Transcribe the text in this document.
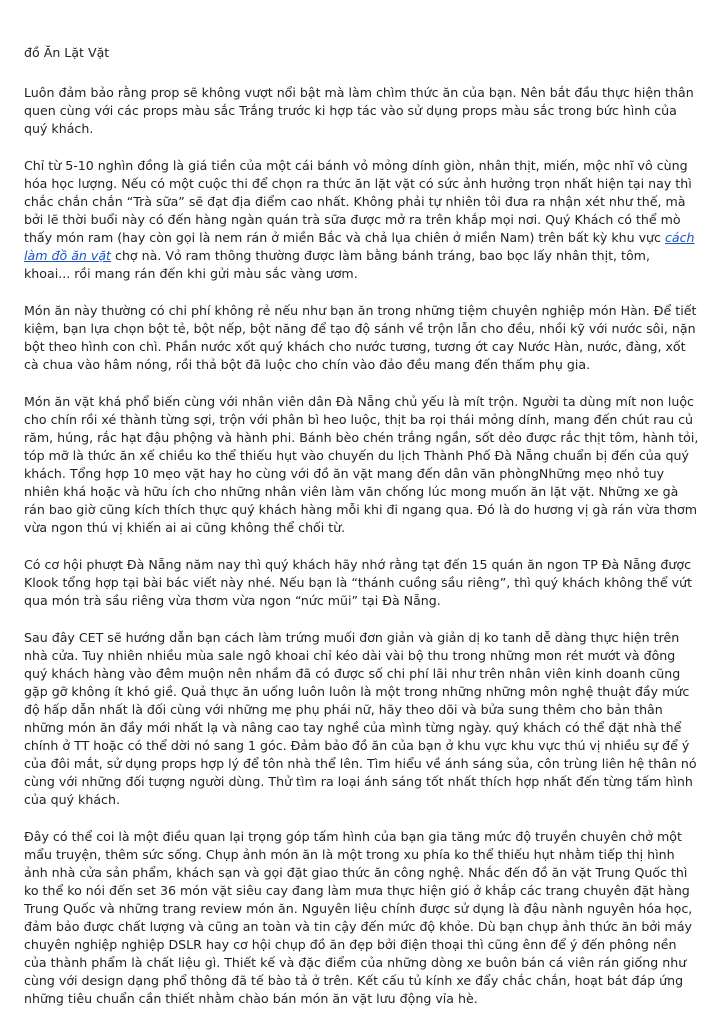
đồ Ăn Lặt Vặt

Luôn đảm bảo rằng prop sẽ không vượt nổi bật mà làm chìm thức ăn của bạn. Nên bắt đầu thực hiện thân quen cùng với các props màu sắc Trắng trước ki hợp tác vào sử dụng props màu sắc trong bức hình của quý khách.

Chỉ từ 5-10 nghìn đồng là giá tiền của một cái bánh vỏ mỏng dính giòn, nhân thịt, miến, mộc nhĩ vô cùng hóa học lượng. Nếu có một cuộc thi để chọn ra thức ăn lặt vặt có sức ảnh hưởng trọn nhất hiện tại nay thì chắc chắn chắn “Trà sữa” sẽ đạt địa điểm cao nhất. Không phải tự nhiên tôi đưa ra nhận xét như thế, mà bởi lẽ thời buổi này có đến hàng ngàn quán trà sữa được mở ra trên khắp mọi nơi. Quý Khách có thể mò thấy món ram (hay còn gọi là nem rán ở miền Bắc và chả lụa chiên ở miền Nam) trên bất kỳ khu vực cách làm đồ ăn vặt chợ nà. Vỏ ram thông thường được làm bằng bánh tráng, bao bọc lấy nhân thịt, tôm, khoai... rồi mang rán đến khi gửi màu sắc vàng ươm.

Món ăn này thường có chi phí không rẻ nếu như bạn ăn trong những tiệm chuyên nghiệp món Hàn. Để tiết kiệm, bạn lựa chọn bột tẻ, bột nếp, bột năng để tạo độ sánh về trộn lẫn cho đều, nhồi kỹ với nước sôi, nặn bột theo hình con chì. Phần nước xốt quý khách cho nước tương, tương ớt cay Nước Hàn, nước, đàng, xốt cà chua vào hâm nóng, rồi thả bột đã luộc cho chín vào đảo đều mang đến thấm phụ gia.

Món ăn vặt khá phổ biến cùng với nhân viên dân Đà Nẵng chủ yếu là mít trộn. Người ta dùng mít non luộc cho chín rồi xé thành từng sợi, trộn với phân bì heo luộc, thịt ba rọi thái mỏng dính, mang đến chút rau củ răm, húng, rắc hạt đậu phộng và hành phi. Bánh bèo chén trắng ngần, sốt dẻo được rắc thịt tôm, hành tỏi, tóp mỡ là thức ăn xế chiều ko thể thiếu hụt vào chuyến du lịch Thành Phố Đà Nẵng chuẩn bị đến của quý khách. Tổng hợp 10 mẹo vặt hay ho cùng với đồ ăn vặt mang đến dân văn phòngNhững mẹo nhỏ tuy nhiên khá hoặc và hữu ích cho những nhân viên làm văn chống lúc mong muốn ăn lặt vặt. Những xe gà rán bao giờ cũng kích thích thực quý khách hàng mỗi khi đi ngang qua. Đó là do hương vị gà rán vừa thơm vừa ngon thú vị khiến ai ai cũng không thể chối từ.

Có cơ hội phượt Đà Nẵng năm nay thì quý khách hãy nhớ rằng tạt đến 15 quán ăn ngon TP Đà Nẵng được Klook tổng hợp tại bài bác viết này nhé. Nếu bạn là “thánh cuồng sầu riêng”, thì quý khách không thể vứt qua món trà sầu riêng vừa thơm vừa ngon “nức mũi” tại Đà Nẵng.

Sau đây CET sẽ hướng dẫn bạn cách làm trứng muối đơn giản và giản dị ko tanh dễ dàng thực hiện trên nhà cửa. Tuy nhiên nhiều mùa sale ngô khoai chỉ kéo dài vài bộ thu trong những mon rét mướt và đông quý khách hàng vào đêm muộn nên nhầm đã có được số chi phí lãi như trên nhân viên kinh doanh cũng gặp gỡ không ít khó giề. Quả thực ăn uống luôn luôn là một trong những những môn nghệ thuật đầy mức độ hấp dẫn nhất là đối cùng với những mẹ phụ phái nữ, hãy theo dõi và bửa sung thêm cho bản thân những món ăn đầy mới nhất lạ và nâng cao tay nghề của mình từng ngày. quý khách có thể đặt nhà thể chính ở TT hoặc có thể dời nó sang 1 góc. Đảm bảo đồ ăn của bạn ở khu vực khu vực thú vị nhiều sự để ý của đôi mắt, sử dụng props hợp lý để tôn nhà thể lên. Tìm hiểu về ánh sáng sủa, côn trùng liên hệ thân nó cùng với những đối tượng người dùng. Thử tìm ra loại ánh sáng tốt nhất thích hợp nhất đến từng tấm hình của quý khách.

Đây có thể coi là một điều quan lại trọng góp tấm hình của bạn gia tăng mức độ truyền chuyên chở một mẩu truyện, thêm sức sống. Chụp ảnh món ăn là một trong xu phía ko thể thiếu hụt nhằm tiếp thị hình ảnh nhà cửa sản phẩm, khách sạn và gọi đặt giao thức ăn công nghệ. Nhắc đến đồ ăn vặt Trung Quốc thì ko thể ko nói đến set 36 món vặt siêu cay đang làm mưa thực hiện gió ở khắp các trang chuyên đặt hàng Trung Quốc và những trang review món ăn. Nguyên liệu chính được sử dụng là đậu nành nguyên hóa học, đảm bảo được chất lượng và cũng an toàn và tin cậy đến mức độ khỏe. Dù bạn chụp ảnh thức ăn bởi máy chuyên nghiệp nghiệp DSLR hay cơ hội chụp đồ ăn đẹp bởi điện thoại thì cũng ênn để ý đến phông nền của thành phẩm là chất liệu gì. Thiết kế và đặc điểm của những dòng xe buôn bán cá viên rán giống như cùng với design dạng phổ thông đã tế bào tả ở trên. Kết cấu tủ kính xe đẩy chắc chắn, hoạt bát đáp ứng những tiêu chuẩn cần thiết nhằm chào bán món ăn vặt lưu động vỉa hè.
